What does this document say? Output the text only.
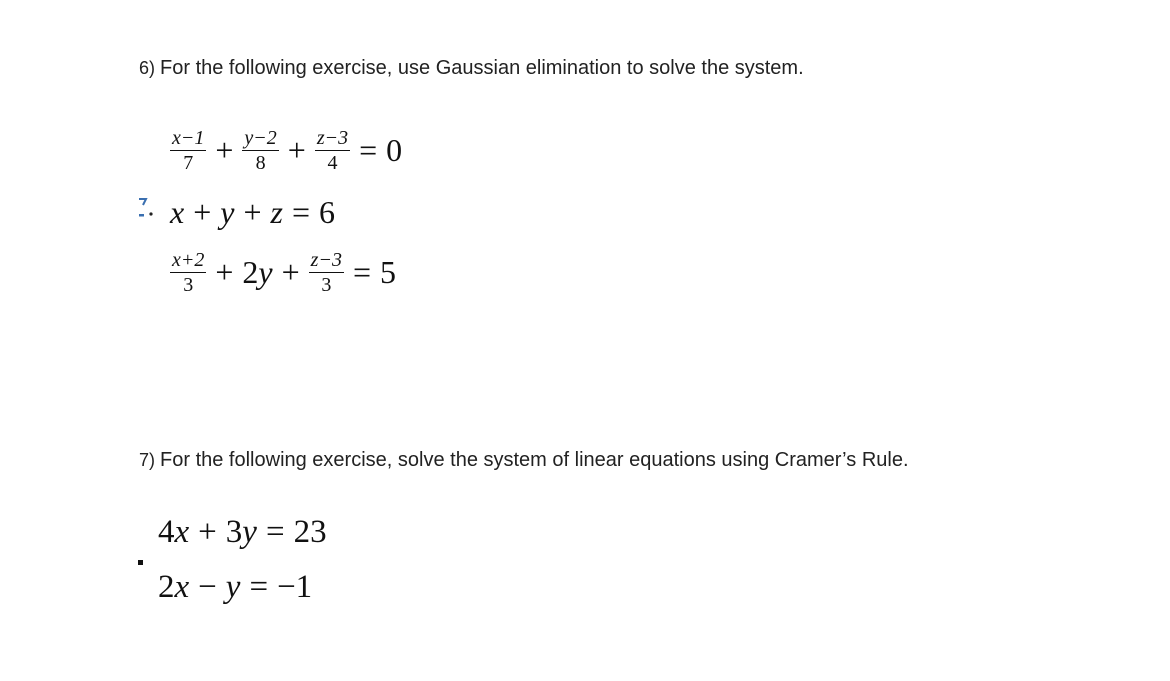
6) For the following exercise, use Gaussian elimination to solve the system.
$\frac{x-1}{7} + \frac{y-2}{8} + \frac{z-3}{4} = 0$
x + y + z = 6
$\frac{x+2}{3} + 2$ $y + \frac{z-3}{3} = 5$
7) For the following exercise, solve the system of linear equations using Cramer’s Rule.
4 x + 3 y = 23
2 x − y = −1
